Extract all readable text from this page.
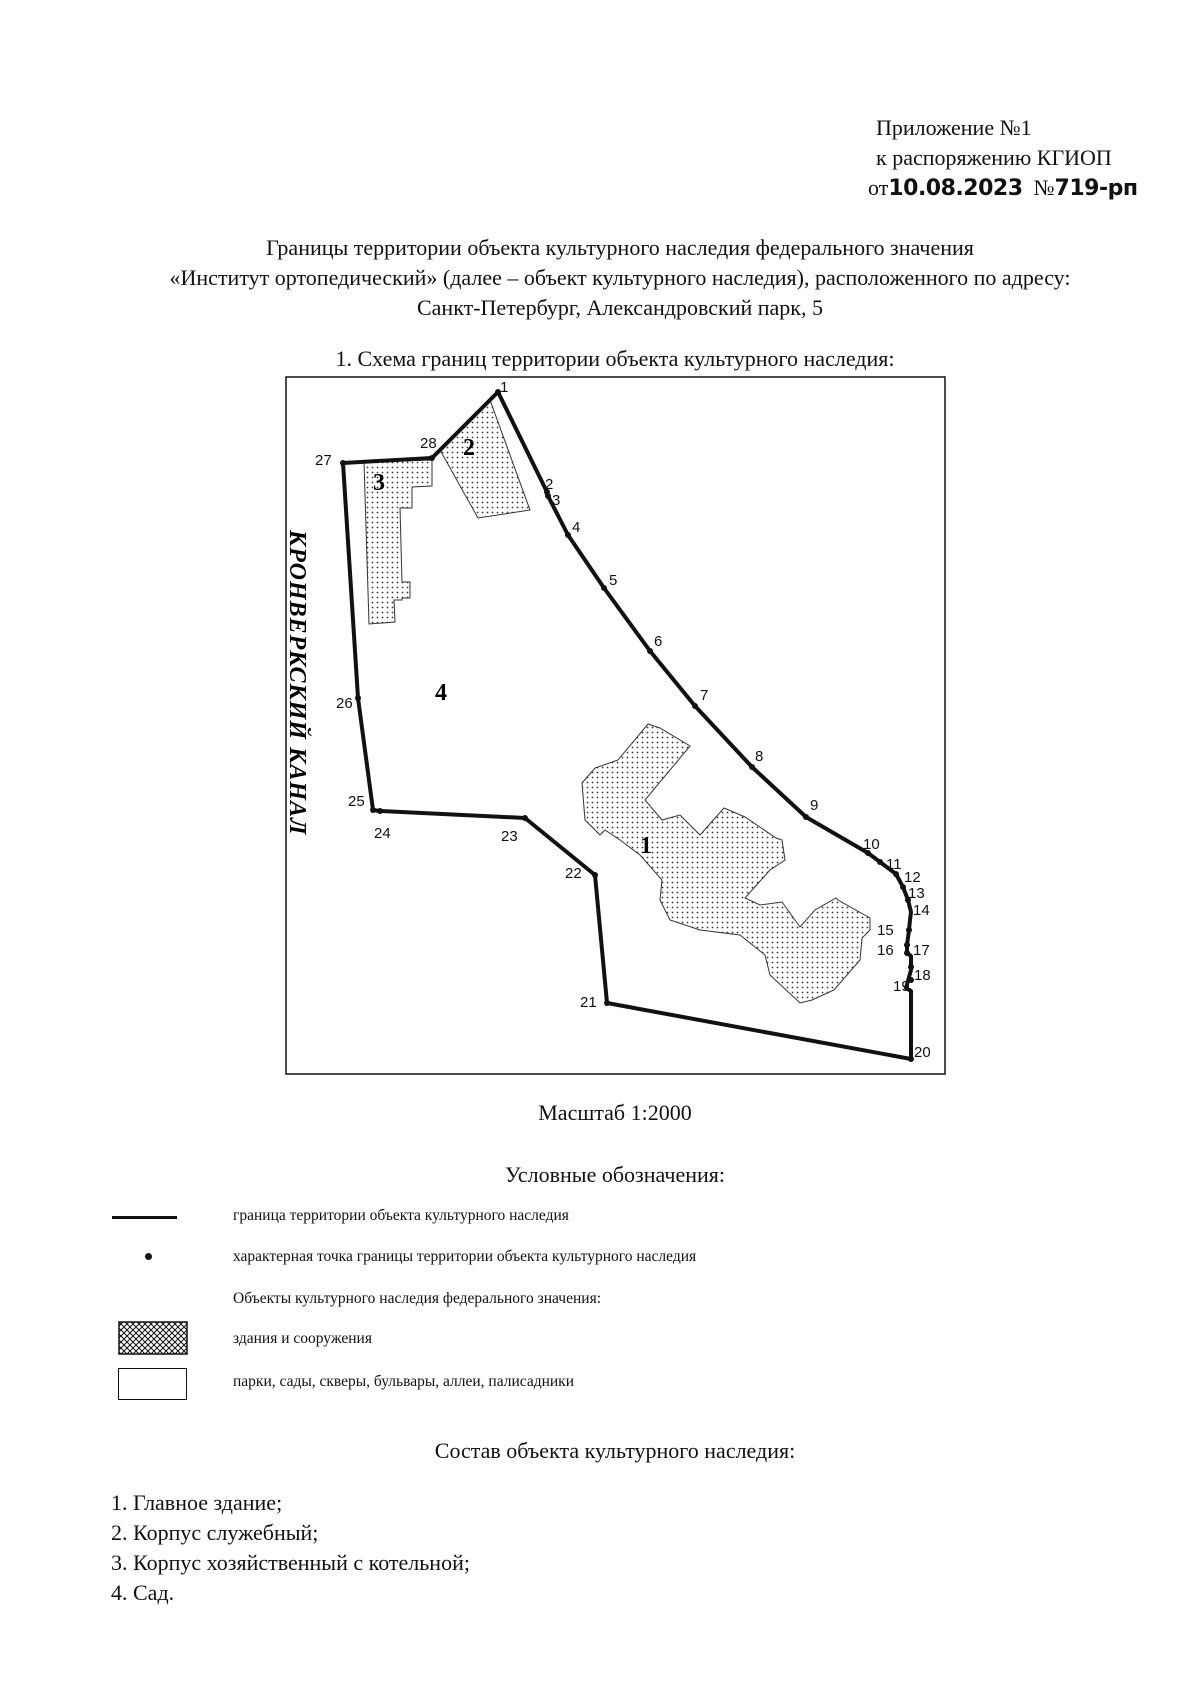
Приложение №1
к распоряжению КГИОП
от10.08.2023 №719-рп
Границы территории объекта культурного наследия федерального значения
«Институт ортопедический» (далее – объект культурного наследия), расположенного по адресу:
Санкт-Петербург, Александровский парк, 5
1. Схема границ территории объекта культурного наследия:
КРОНВЕРКСКИЙ КАНАЛ
1
2
3
4
5
6
7
8
9
10
11
12
13
14
15
16 17
18
19
20
21
22
23
24
25
26
27
28
1
2
3
4
Масштаб 1:2000
Условные обозначения:
граница территории объекта культурного наследия
характерная точка границы территории объекта культурного наследия
Объекты культурного наследия федерального значения:
здания и сооружения
парки, сады, скверы, бульвары, аллеи, палисадники
Состав объекта культурного наследия:
1. Главное здание;
2. Корпус служебный;
3. Корпус хозяйственный с котельной;
4. Сад.
